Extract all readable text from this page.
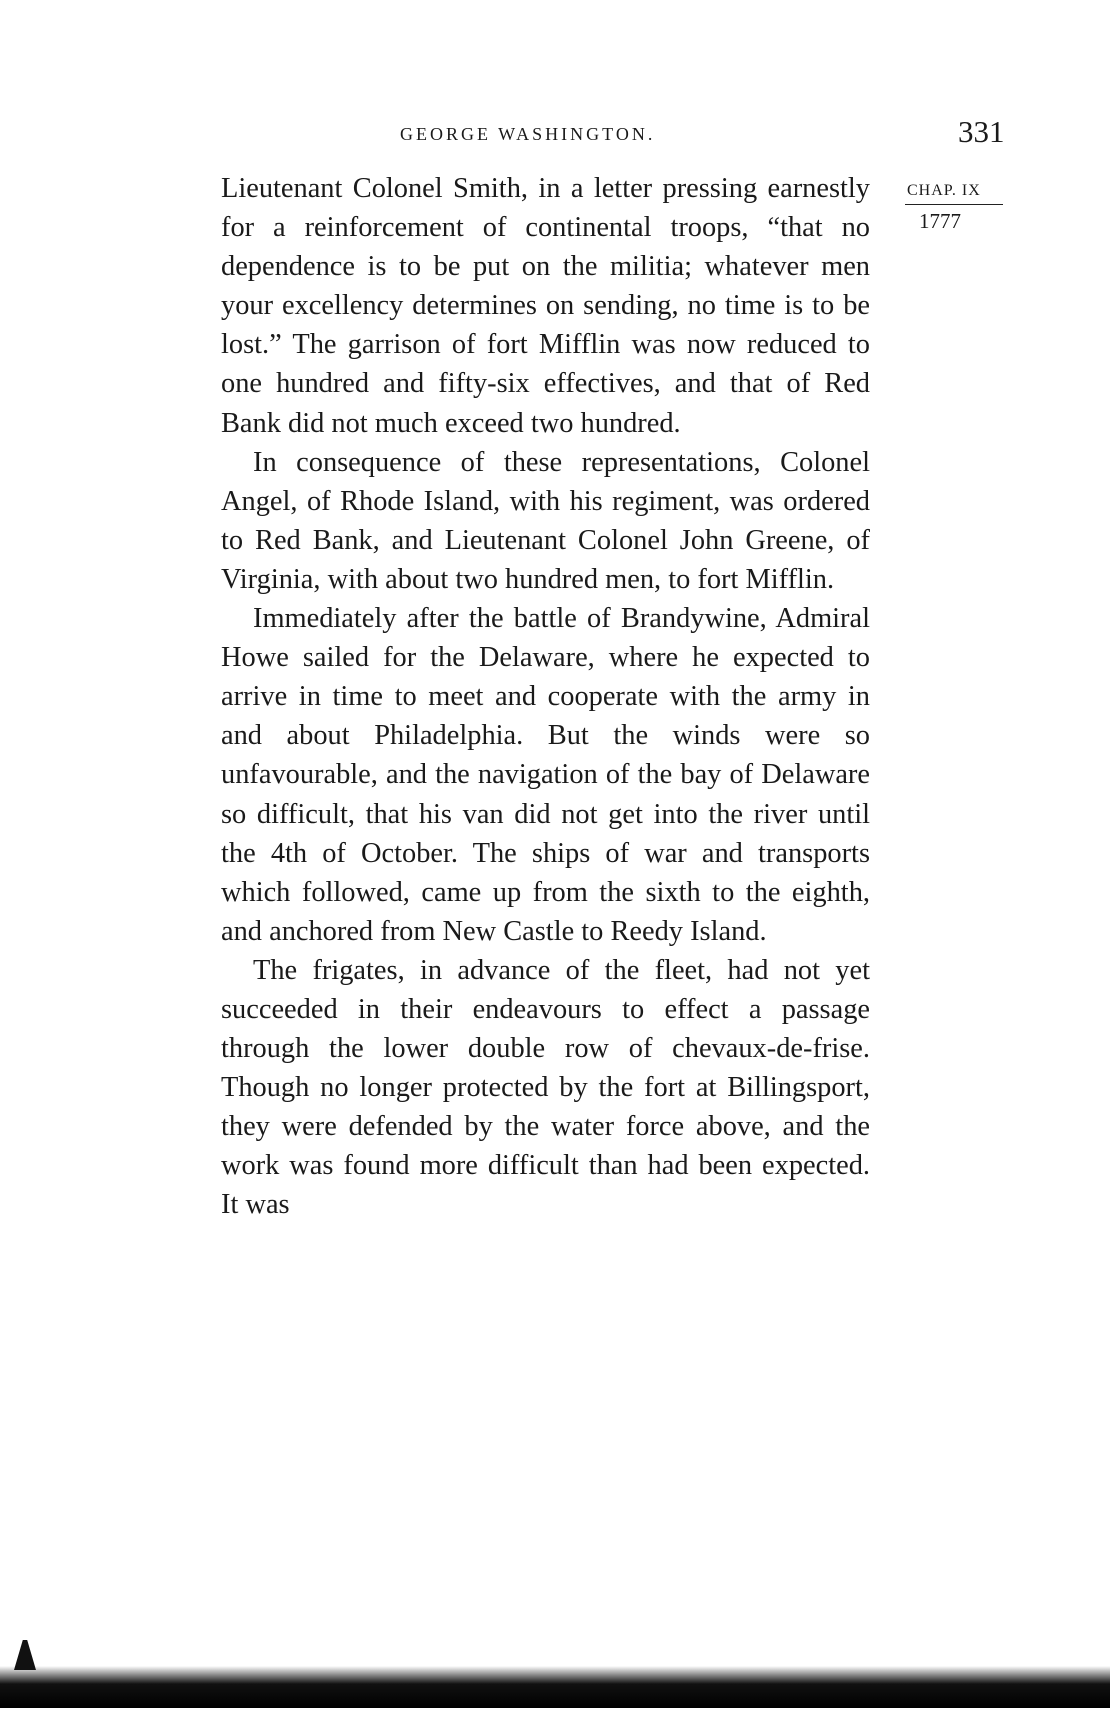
GEORGE WASHINGTON.	331
CHAP. IX
1777

Lieutenant Colonel Smith, in a letter pressing earnestly for a reinforcement of continental troops, “that no dependence is to be put on the militia; whatever men your excellency determines on sending, no time is to be lost.” The garrison of fort Mifflin was now reduced to one hundred and fifty-six effectives, and that of Red Bank did not much exceed two hundred.

In consequence of these representations, Colonel Angel, of Rhode Island, with his regiment, was ordered to Red Bank, and Lieutenant Colonel John Greene, of Virginia, with about two hundred men, to fort Mifflin.

Immediately after the battle of Brandywine, Admiral Howe sailed for the Delaware, where he expected to arrive in time to meet and cooperate with the army in and about Philadelphia. But the winds were so unfavourable, and the navigation of the bay of Delaware so difficult, that his van did not get into the river until the 4th of October. The ships of war and transports which followed, came up from the sixth to the eighth, and anchored from New Castle to Reedy Island.

The frigates, in advance of the fleet, had not yet succeeded in their endeavours to effect a passage through the lower double row of chevaux-de-frise. Though no longer protected by the fort at Billingsport, they were defended by the water force above, and the work was found more difficult than had been expected. It was
